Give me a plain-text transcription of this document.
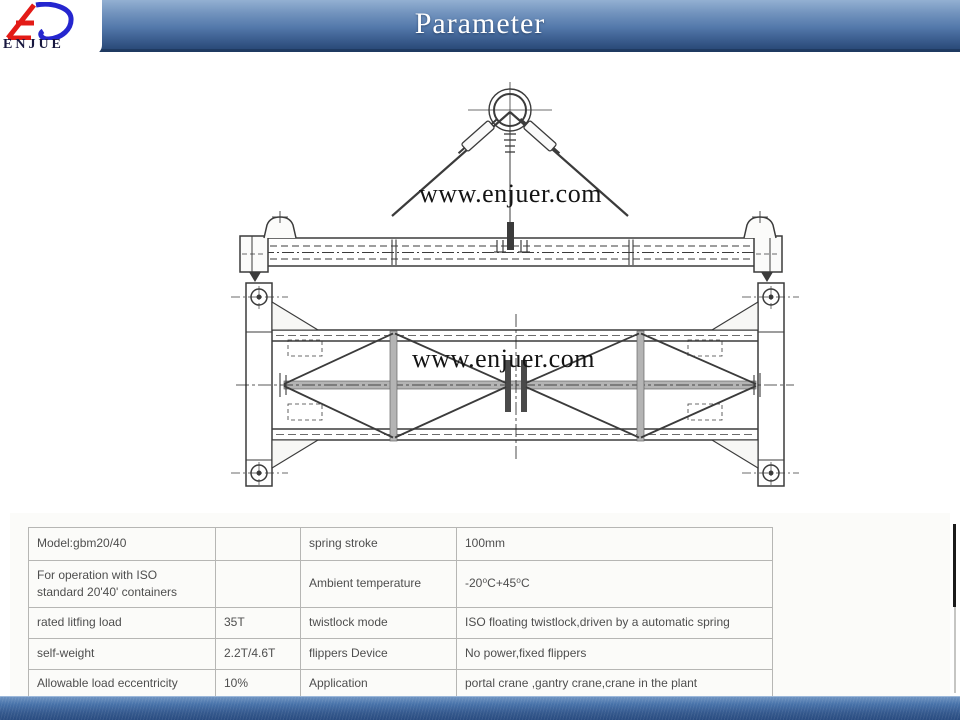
Parameter
ENJUE
www.enjuer.com
www.enjuer.com
Model:gbm20/40		spring stroke	100mm
For operation with ISO standard 20'40' containers		Ambient temperature	-20⁰C+45⁰C
rated litfing load	35T	twistlock mode	ISO floating twistlock,driven by a automatic spring
self-weight	2.2T/4.6T	flippers Device	No power,fixed flippers
Allowable load eccentricity	10%	Application	portal crane ,gantry crane,crane in the plant
